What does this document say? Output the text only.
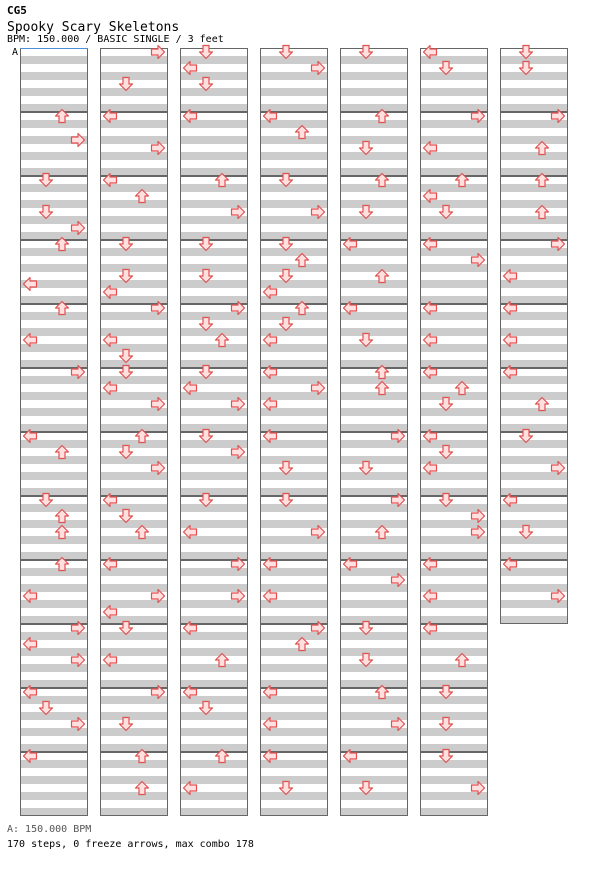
CG5
Spooky Scary Skeletons
BPM: 150.000 / BASIC SINGLE / 3 feet
A
A: 150.000 BPM
170 steps, 0 freeze arrows, max combo 178
